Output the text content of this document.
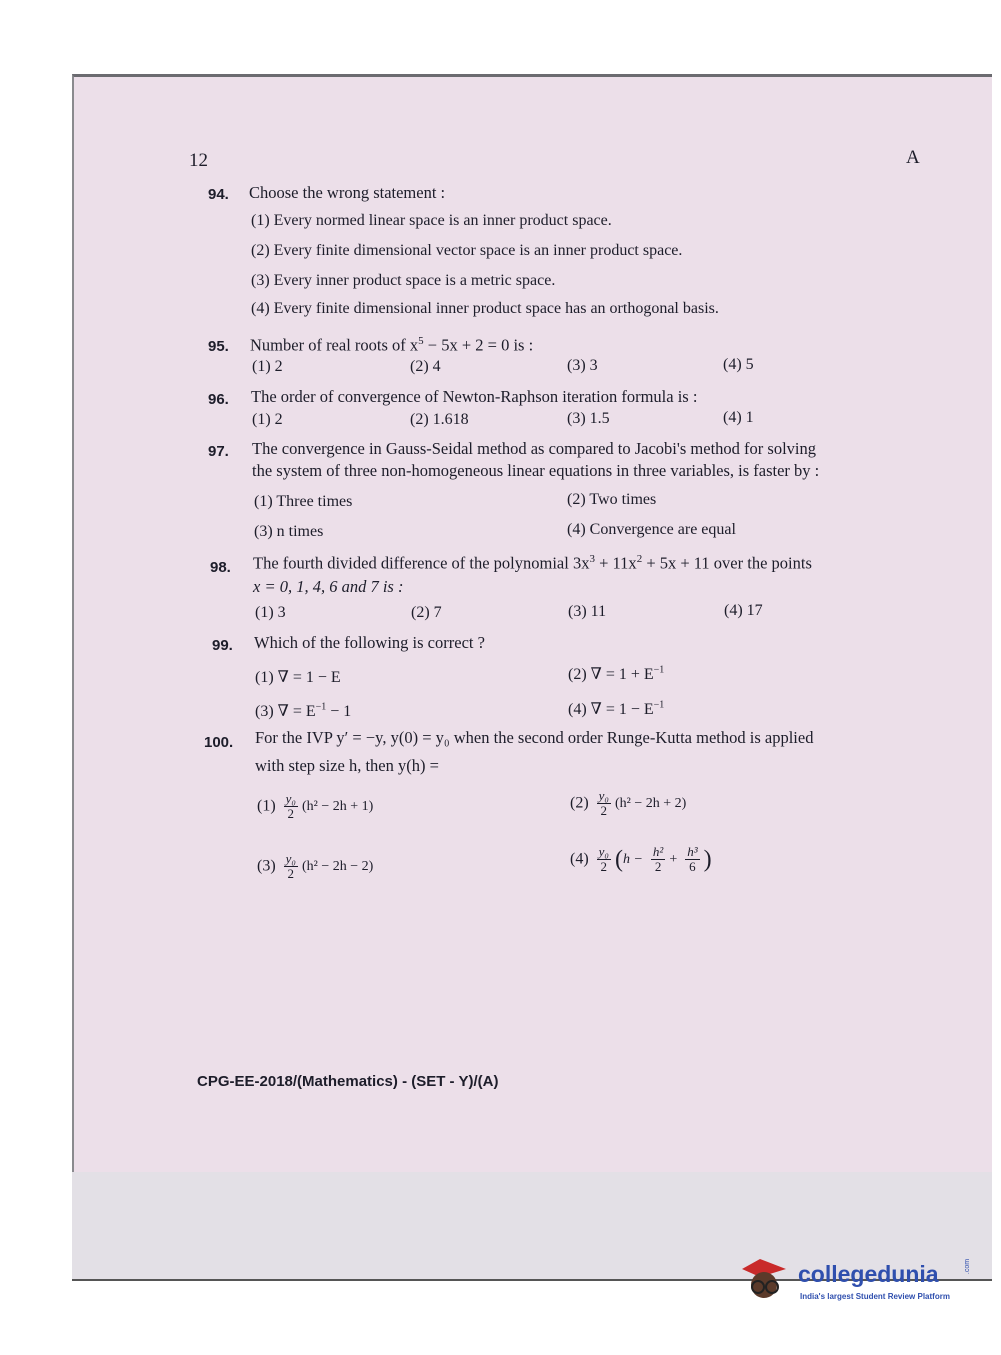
12	A
94. Choose the wrong statement :
(1) Every normed linear space is an inner product space.
(2) Every finite dimensional vector space is an inner product space.
(3) Every inner product space is a metric space.
(4) Every finite dimensional inner product space has an orthogonal basis.
95. Number of real roots of $x^5 - 5x + 2 = 0$ is :
(1) 2	(2) 4	(3) 3	(4) 5
96. The order of convergence of Newton-Raphson iteration formula is :
(1) 2	(2) 1.618	(3) 1.5	(4) 1
97. The convergence in Gauss-Seidal method as compared to Jacobi's method for solving
the system of three non-homogeneous linear equations in three variables, is faster by :
(1) Three times	(2) Two times
(3) n times	(4) Convergence are equal
98. The fourth divided difference of the polynomial $3x^3 + 11x^2 + 5x + 11$ over the points
x = 0, 1, 4, 6 and 7 is :
(1) 3	(2) 7	(3) 11	(4) 17
99. Which of the following is correct ?
(1) ∇ = 1 − E	(2) ∇ = $1 + E^{-1}$
(3) ∇ = $E^{-1} - 1$	(4) ∇ = $1 - E^{-1}$
100. For the IVP y′ = −y, y(0) = y₀ when the second order Runge-Kutta method is applied
with step size h, then y(h) =
$(1) \frac{\text{y₀}}{2} (h^2 - 2h + 1)$	$(2) \frac{\text{y₀}}{2} (h^2 - 2h + 2)$
$(3) \frac{\text{y₀}}{2} (h^2 - 2h - 2)$	$(4) \frac{\text{y₀}}{2} (h - \frac{\text{h²}}{2} + \frac{\text{h³}}{6}$ )
CPG-EE-2018/(Mathematics) - (SET - Y)/(A)
collegedunia
India's largest Student Review Platform
.com
